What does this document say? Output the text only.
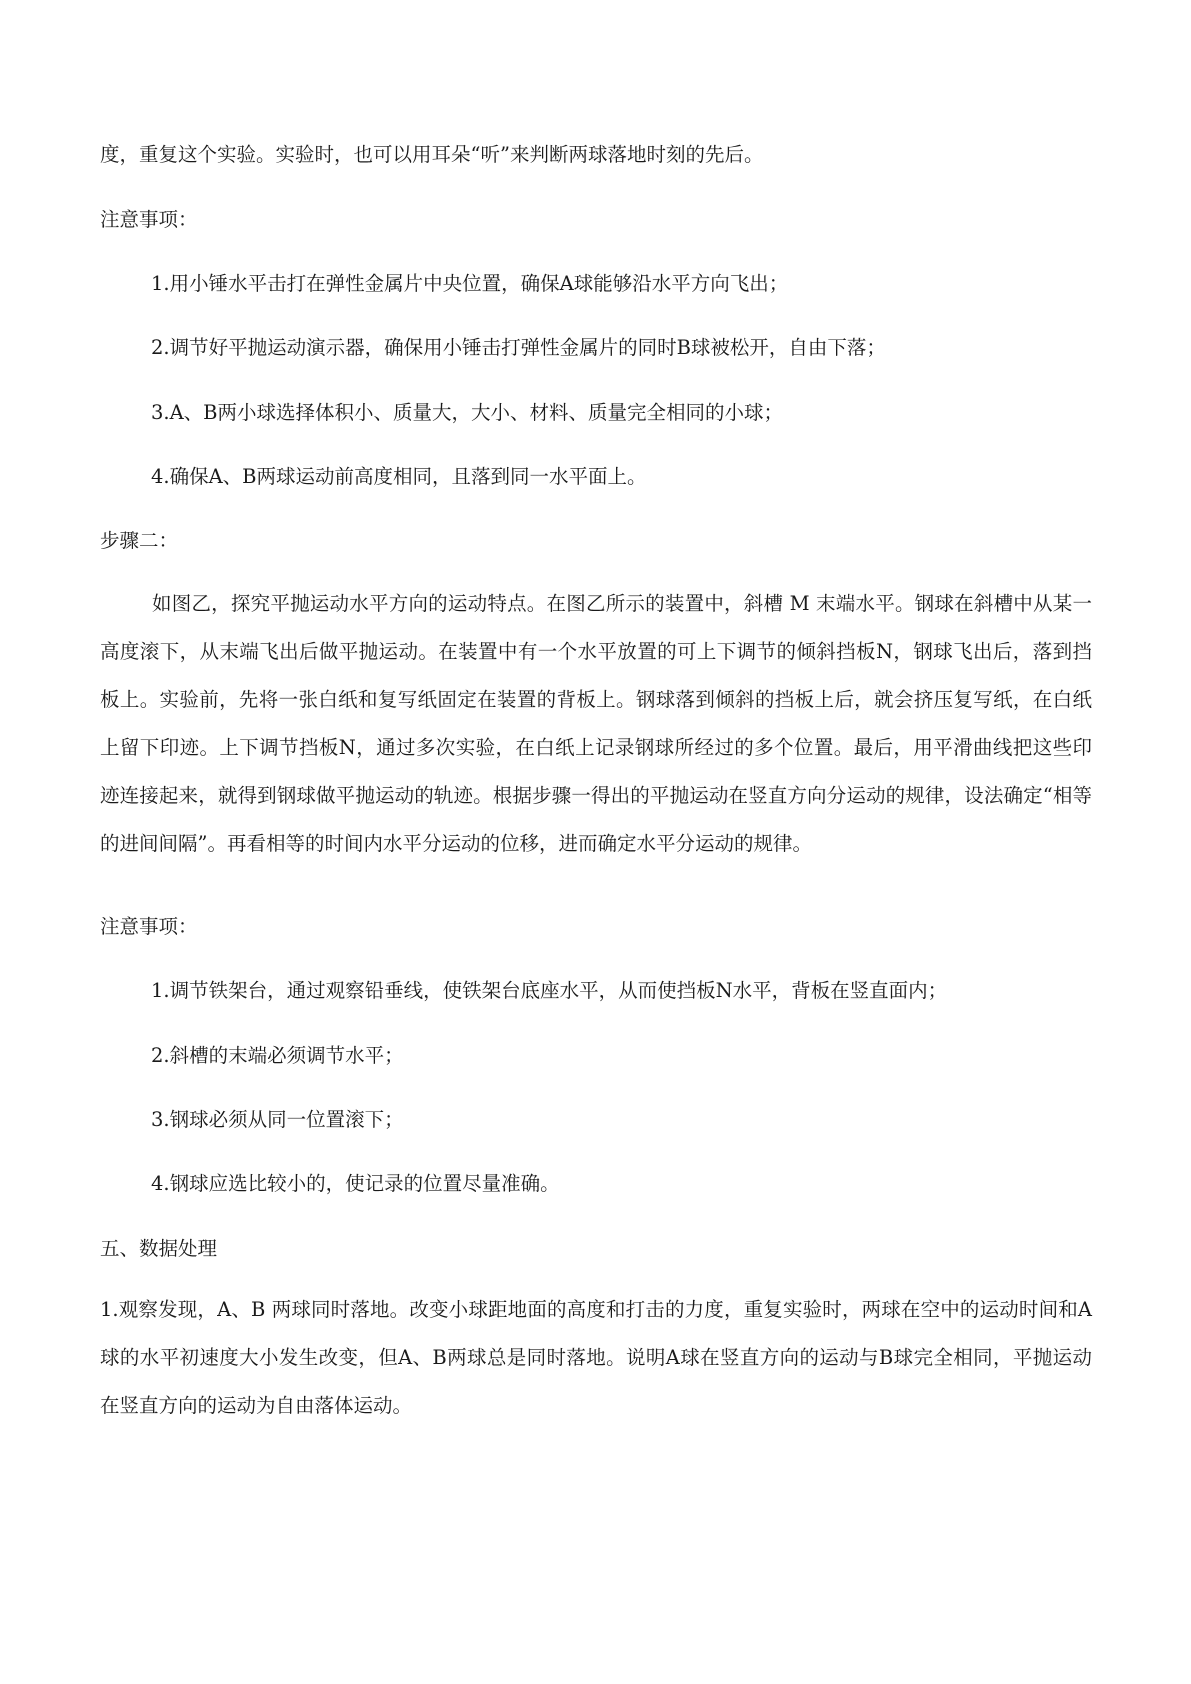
度，重复这个实验。实验时，也可以用耳朵“听”来判断两球落地时刻的先后。
注意事项：
1.用小锤水平击打在弹性金属片中央位置，确保A球能够沿水平方向飞出；
2.调节好平抛运动演示器，确保用小锤击打弹性金属片的同时B球被松开，自由下落；
3.A、B两小球选择体积小、质量大，大小、材料、质量完全相同的小球；
4.确保A、B两球运动前高度相同，且落到同一水平面上。
步骤二：
如图乙，探究平抛运动水平方向的运动特点。在图乙所示的装置中，斜槽 M 末端水平。钢球在斜槽中从某一高度滚下，从末端飞出后做平抛运动。在装置中有一个水平放置的可上下调节的倾斜挡板N，钢球飞出后，落到挡板上。实验前，先将一张白纸和复写纸固定在装置的背板上。钢球落到倾斜的挡板上后，就会挤压复写纸，在白纸上留下印迹。上下调节挡板N，通过多次实验，在白纸上记录钢球所经过的多个位置。最后，用平滑曲线把这些印迹连接起来，就得到钢球做平抛运动的轨迹。根据步骤一得出的平抛运动在竖直方向分运动的规律，设法确定“相等的进间间隔”。再看相等的时间内水平分运动的位移，进而确定水平分运动的规律。
注意事项：
1.调节铁架台，通过观察铅垂线，使铁架台底座水平，从而使挡板N水平，背板在竖直面内；
2.斜槽的末端必须调节水平；
3.钢球必须从同一位置滚下；
4.钢球应选比较小的，使记录的位置尽量准确。
五、数据处理
1.观察发现，A、B 两球同时落地。改变小球距地面的高度和打击的力度，重复实验时，两球在空中的运动时间和A球的水平初速度大小发生改变，但A、B两球总是同时落地。说明A球在竖直方向的运动与B球完全相同，平抛运动在竖直方向的运动为自由落体运动。
